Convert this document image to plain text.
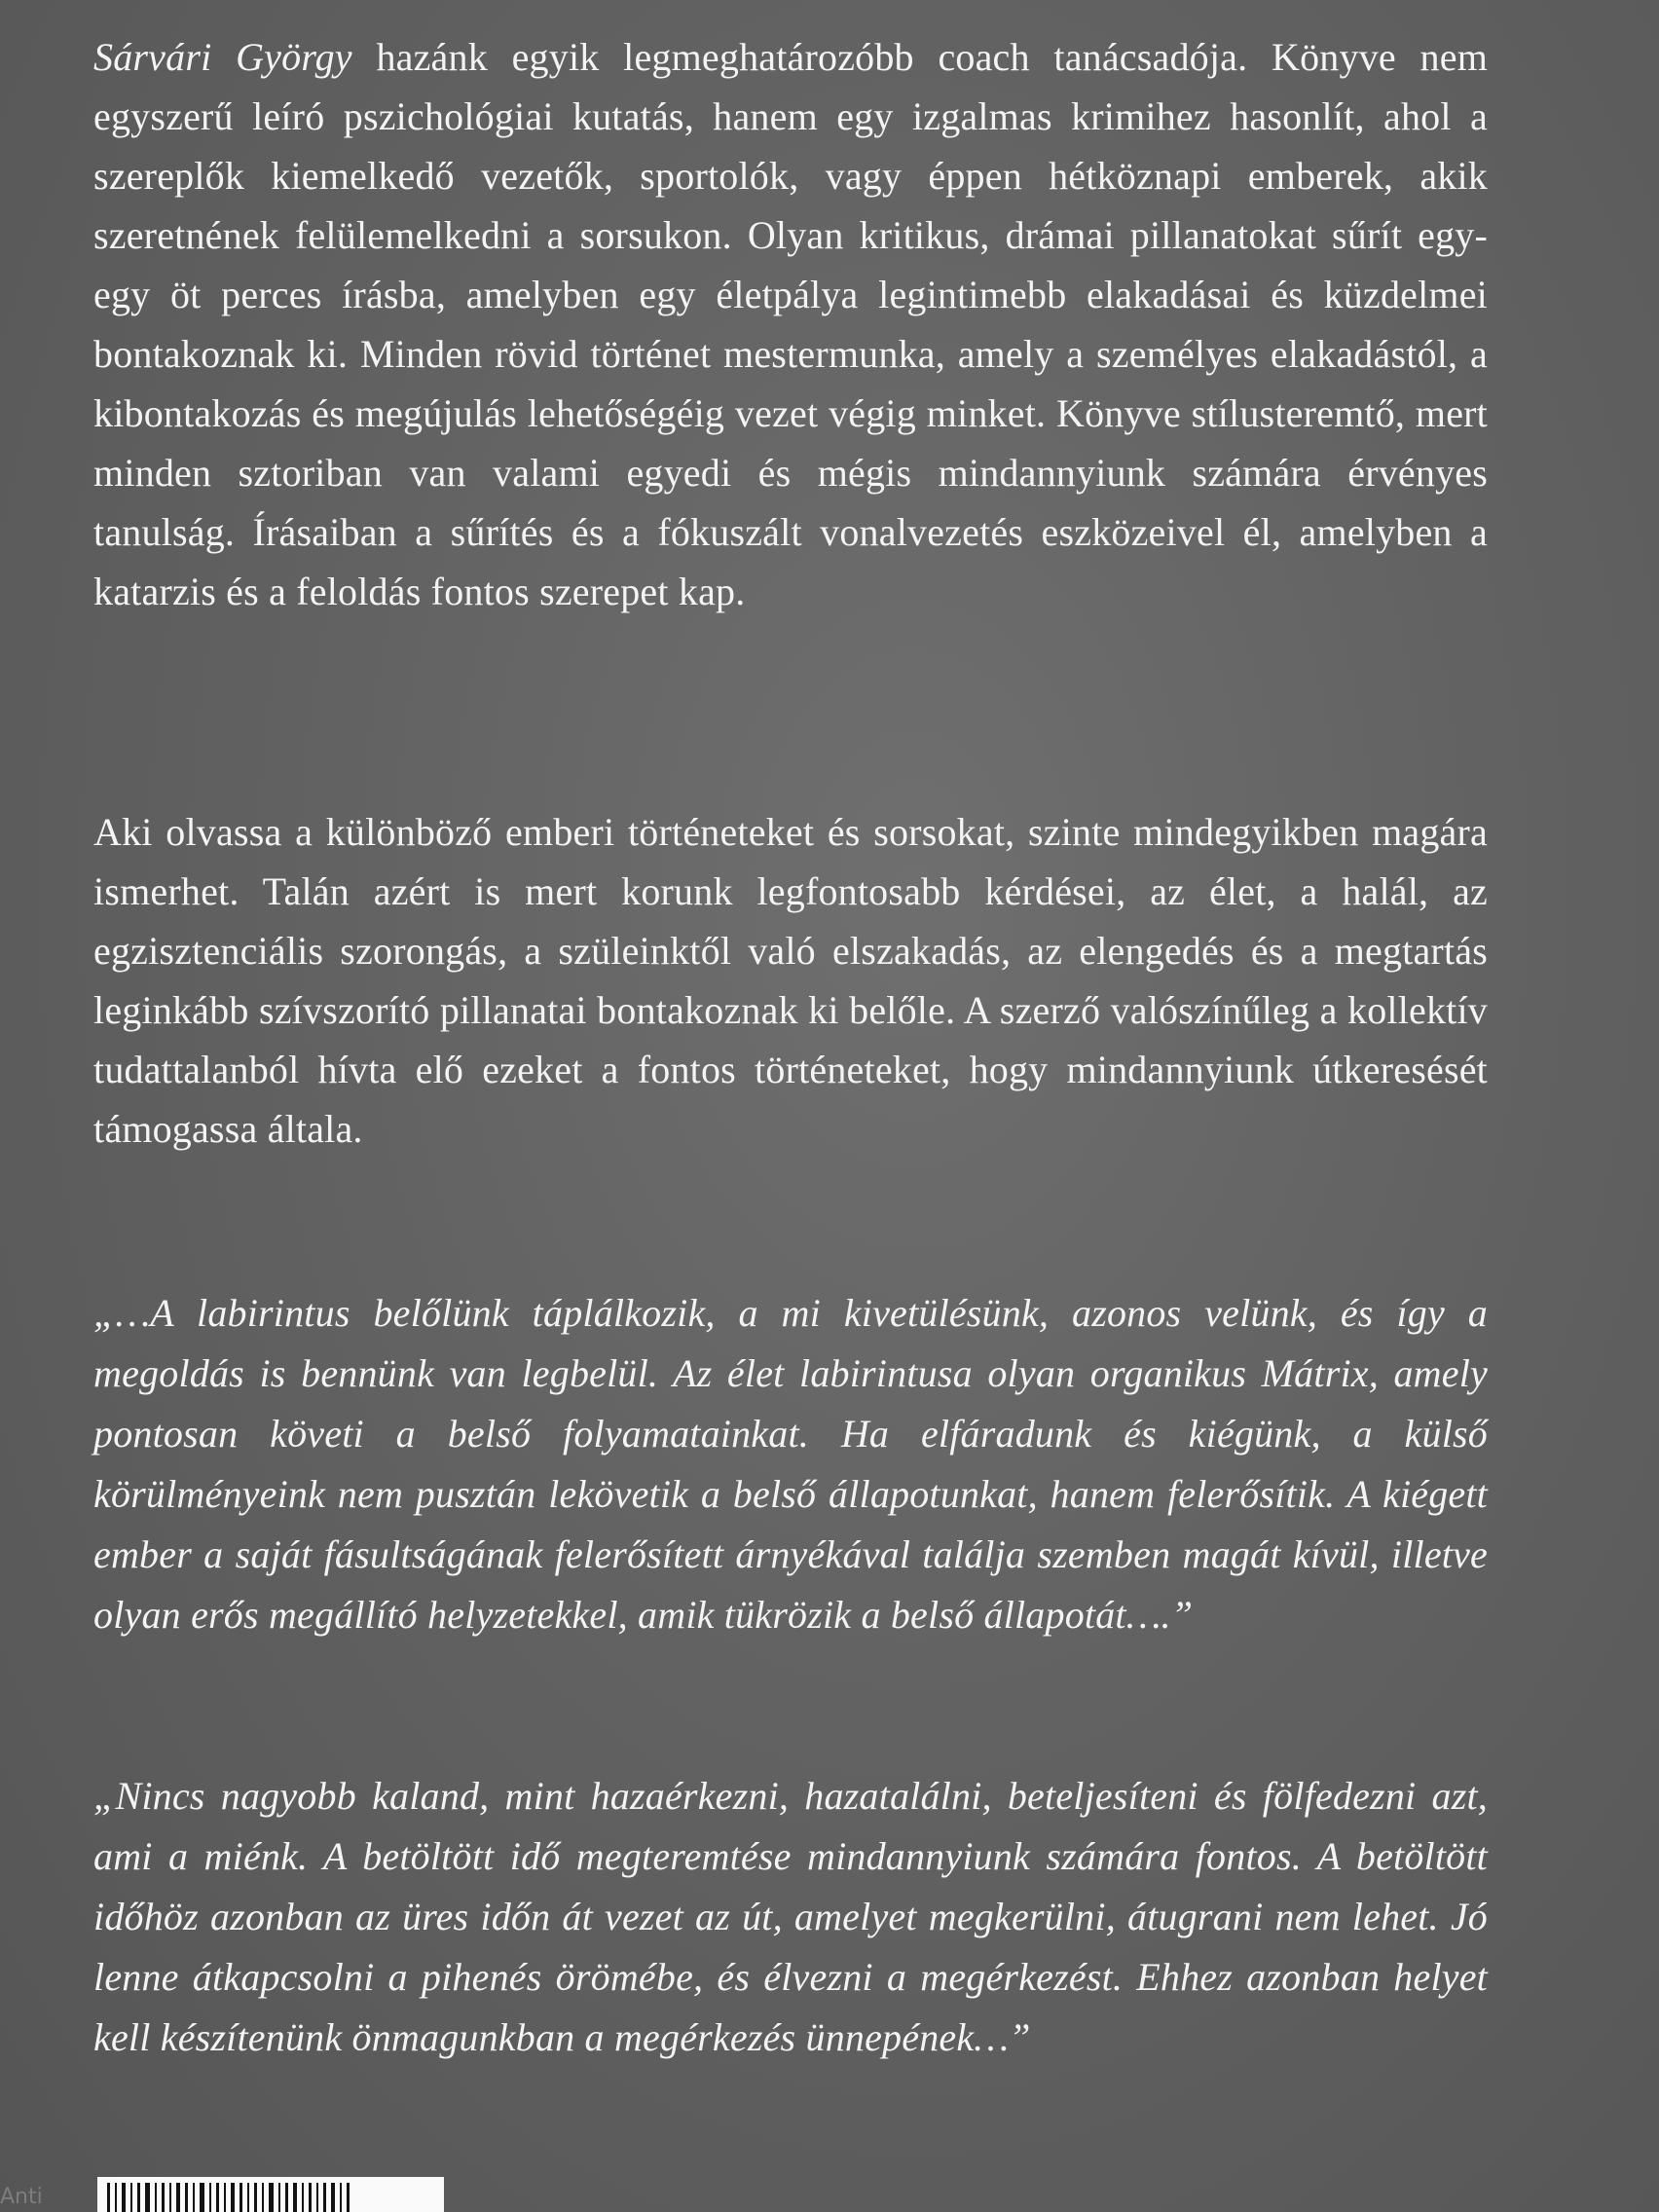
Sárvári György hazánk egyik legmeghatározóbb coach tanácsadója. Könyve nem egyszerű leíró pszichológiai kutatás, hanem egy izgalmas krimihez hasonlít, ahol a szereplők kiemelkedő vezetők, sportolók, vagy éppen hétköznapi emberek, akik szeretnének felülemelkedni a sorsukon. Olyan kritikus, drámai pillanatokat sűrít egy-egy öt perces írásba, amelyben egy életpálya legintimebb elakadásai és küzdelmei bontakoznak ki. Minden rövid történet mestermunka, amely a személyes elakadástól, a kibontakozás és megújulás lehetőségéig vezet végig minket. Könyve stílusteremtő, mert minden sztoriban van valami egyedi és mégis mindannyiunk számára érvényes tanulság. Írásaiban a sűrítés és a fókuszált vonalvezetés eszközeivel él, amelyben a katarzis és a feloldás fontos szerepet kap.

Aki olvassa a különböző emberi történeteket és sorsokat, szinte mindegyikben magára ismerhet. Talán azért is mert korunk legfontosabb kérdései, az élet, a halál, az egzisztenciális szorongás, a szüleinktől való elszakadás, az elengedés és a megtartás leginkább szívszorító pillanatai bontakoznak ki belőle. A szerző valószínűleg a kollektív tudattalanból hívta elő ezeket a fontos történeteket, hogy mindannyiunk útkeresését támogassa általa.

„…A labirintus belőlünk táplálkozik, a mi kivetülésünk, azonos velünk, és így a megoldás is bennünk van legbelül. Az élet labirintusa olyan organikus Mátrix, amely pontosan követi a belső folyamatainkat. Ha elfáradunk és kiégünk, a külső körülményeink nem pusztán lekövetik a belső állapotunkat, hanem felerősítik. A kiégett ember a saját fásultságának felerősített árnyékával találja szemben magát kívül, illetve olyan erős megállító helyzetekkel, amik tükrözik a belső állapotát….”

„Nincs nagyobb kaland, mint hazaérkezni, hazatalálni, beteljesíteni és fölfedezni azt, ami a miénk. A betöltött idő megteremtése mindannyiunk számára fontos. A betöltött időhöz azonban az üres időn át vezet az út, amelyet megkerülni, átugrani nem lehet. Jó lenne átkapcsolni a pihenés örömébe, és élvezni a megérkezést. Ehhez azonban helyet kell készítenünk önmagunkban a megérkezés ünnepének…”

Anti
